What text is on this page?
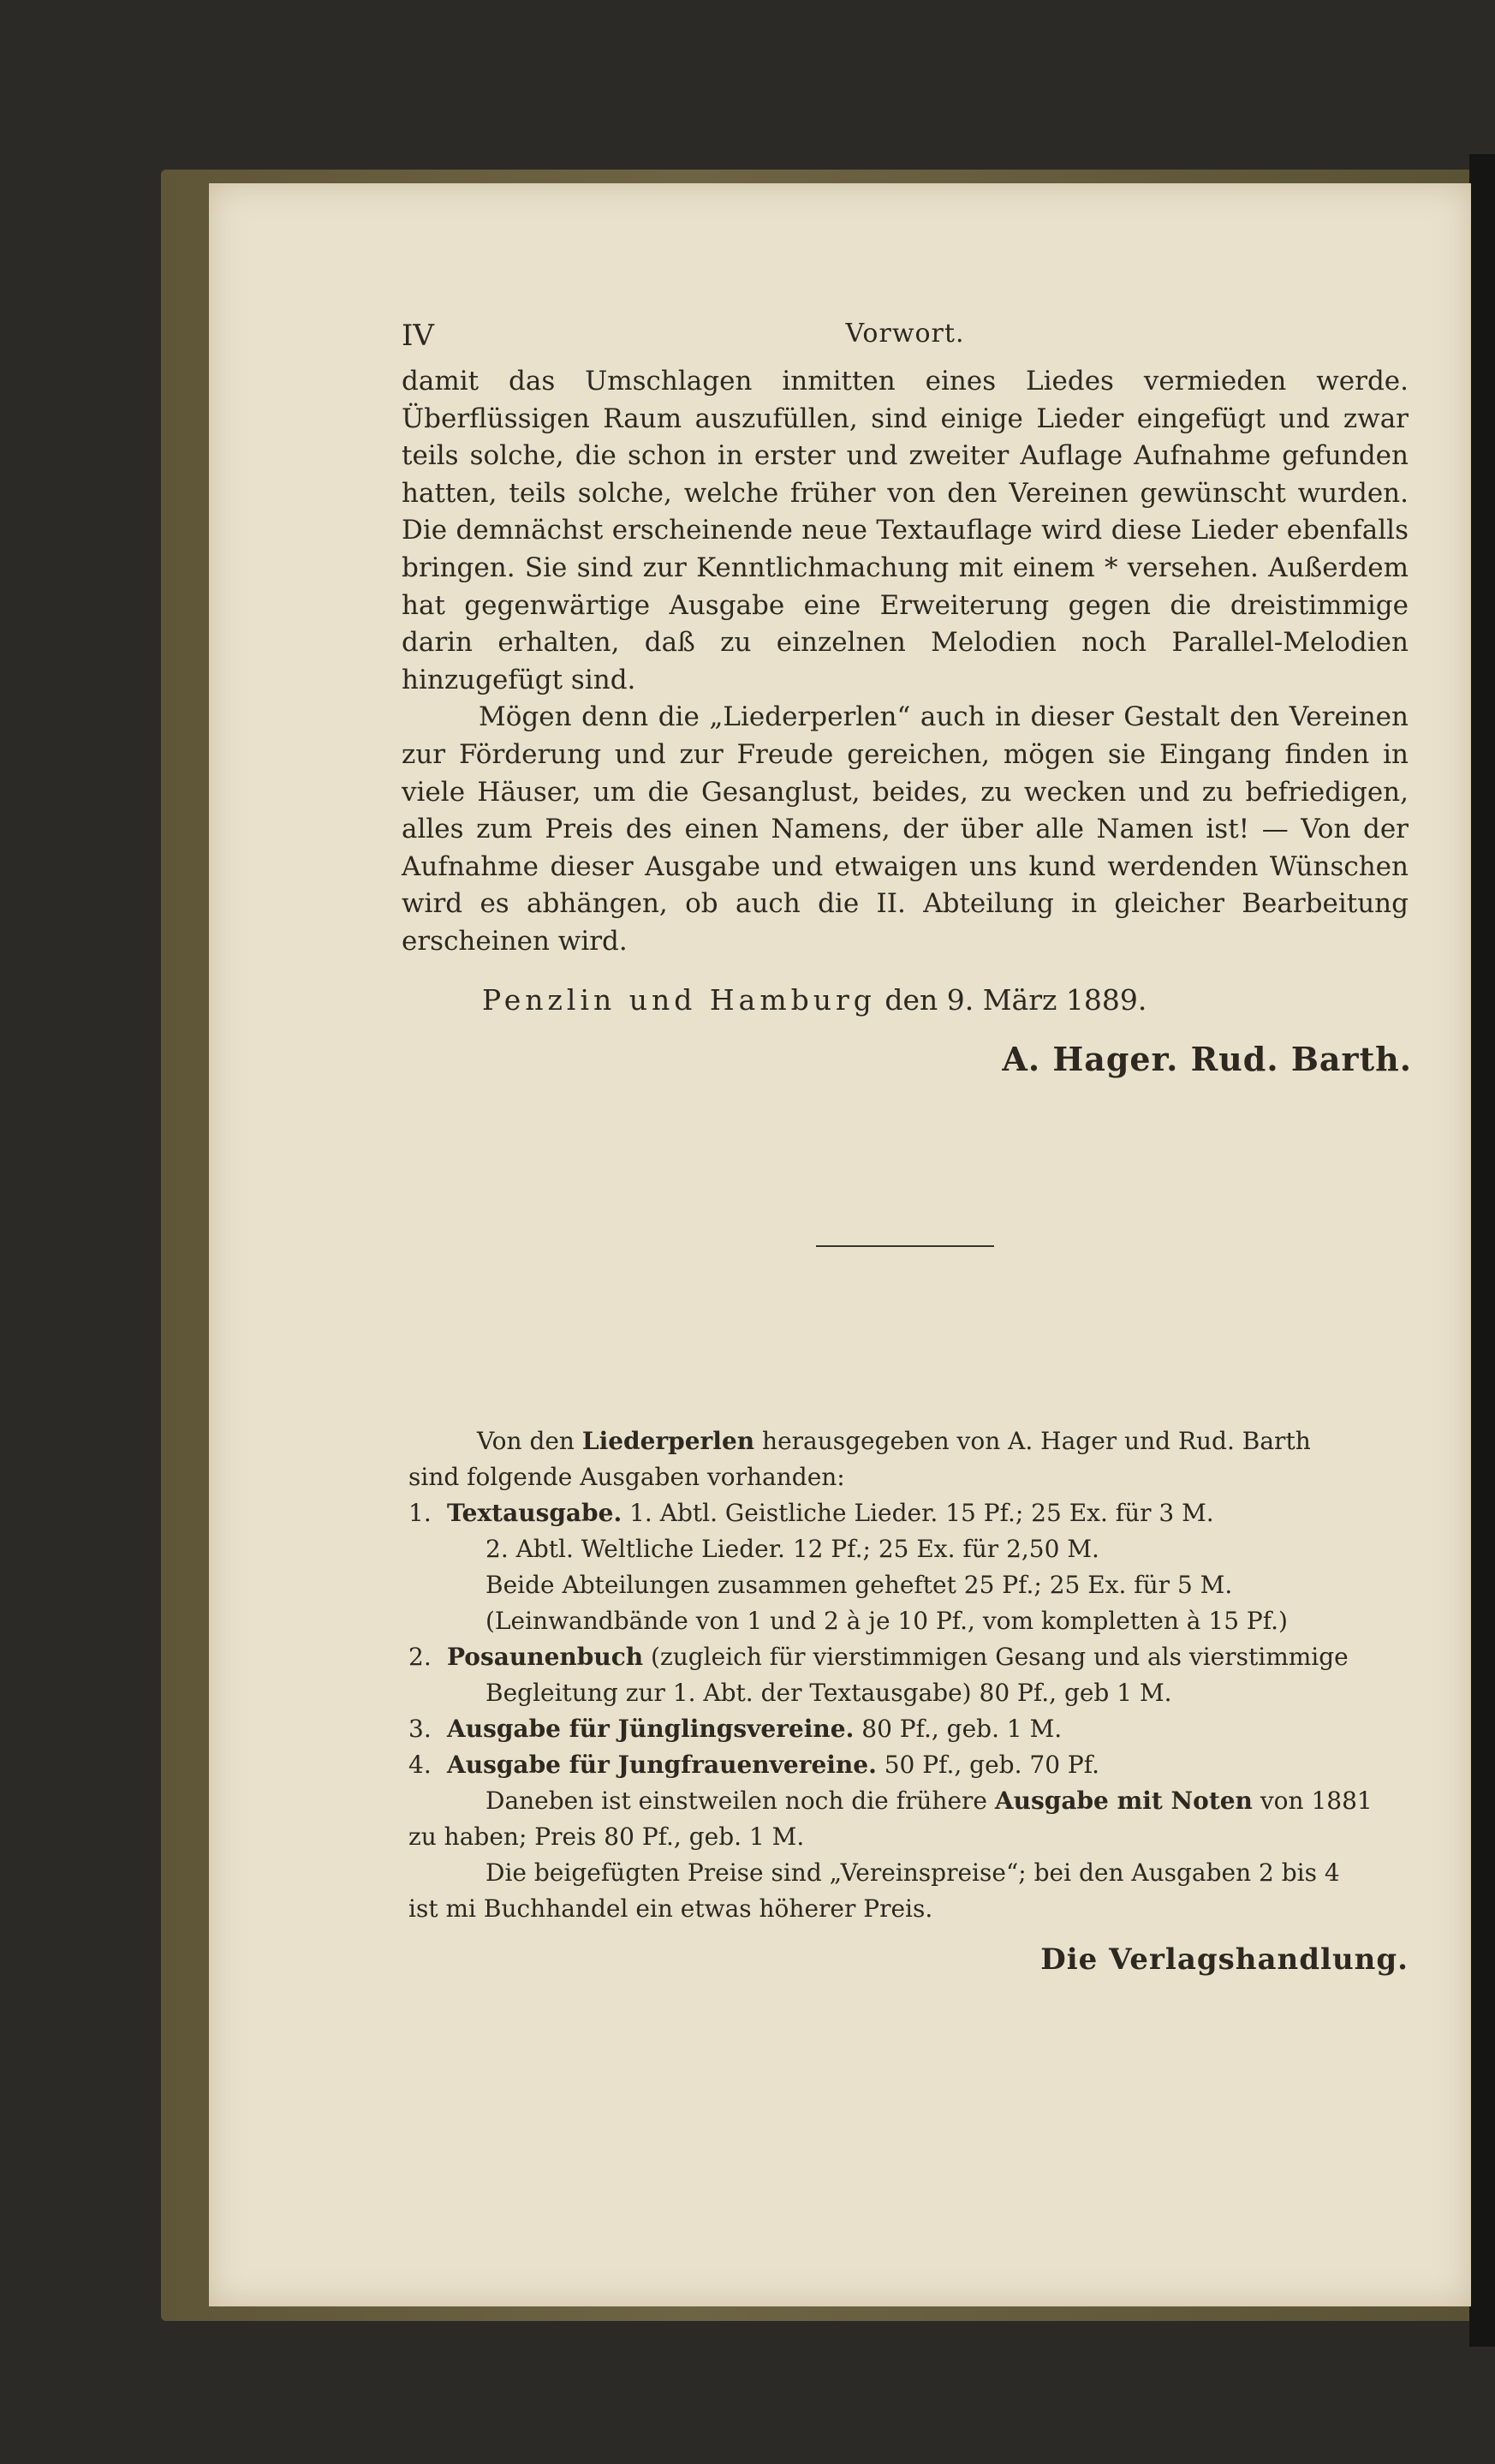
IV	Vorwort.

damit das Umschlagen inmitten eines Liedes vermieden werde. Überflüssigen Raum auszufüllen, sind einige Lieder eingefügt und zwar teils solche, die schon in erster und zweiter Auflage Aufnahme gefunden hatten, teils solche, welche früher von den Vereinen gewünscht wurden. Die demnächst erscheinende neue Textauflage wird diese Lieder ebenfalls bringen. Sie sind zur Kenntlichmachung mit einem * versehen. Außerdem hat gegenwärtige Ausgabe eine Erweiterung gegen die dreistimmige darin erhalten, daß zu einzelnen Melodien noch Parallel-Melodien hinzugefügt sind.

Mögen denn die „Liederperlen“ auch in dieser Gestalt den Vereinen zur Förderung und zur Freude gereichen, mögen sie Eingang finden in viele Häuser, um die Gesanglust, beides, zu wecken und zu befriedigen, alles zum Preis des einen Namens, der über alle Namen ist! — Von der Aufnahme dieser Ausgabe und etwaigen uns kund werdenden Wünschen wird es abhängen, ob auch die II. Abteilung in gleicher Bearbeitung erscheinen wird.

Penzlin und Hamburg den 9. März 1889.
A. Hager. Rud. Barth.

Von den Liederperlen herausgegeben von A. Hager und Rud. Barth

sind folgende Ausgaben vorhanden:

1. Textausgabe. 1. Abtl. Geistliche Lieder. 15 Pf.; 25 Ex. für 3 M.

2. Abtl. Weltliche Lieder. 12 Pf.; 25 Ex. für 2,50 M.

Beide Abteilungen zusammen geheftet 25 Pf.; 25 Ex. für 5 M.

(Leinwandbände von 1 und 2 à je 10 Pf., vom kompletten à 15 Pf.)

2. Posaunenbuch (zugleich für vierstimmigen Gesang und als vierstimmige

Begleitung zur 1. Abt. der Textausgabe) 80 Pf., geb 1 M.

3. Ausgabe für Jünglingsvereine. 80 Pf., geb. 1 M.
4. Ausgabe für Jungfrauenvereine. 50 Pf., geb. 70 Pf.

Daneben ist einstweilen noch die frühere Ausgabe mit Noten von 1881

zu haben; Preis 80 Pf., geb. 1 M.

Die beigefügten Preise sind „Vereinspreise“; bei den Ausgaben 2 bis 4

ist mi Buchhandel ein etwas höherer Preis.

Die Verlagshandlung.
